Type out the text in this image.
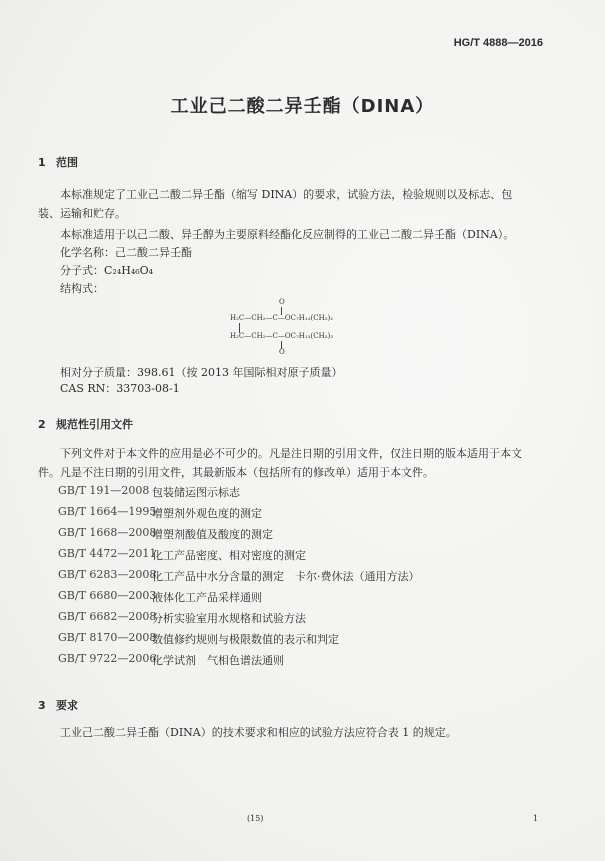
HG/T 4888—2016
工业己二酸二异壬酯（DINA）
1 范围
本标准规定了工业己二酸二异壬酯（缩写 DINA）的要求，试验方法，检验规则以及标志、包
装、运输和贮存。
本标准适用于以己二酸、异壬醇为主要原料经酯化反应制得的工业己二酸二异壬酯（DINA）。
化学名称：己二酸二异壬酯
分子式：C₂₄H₄₆O₄
结构式：
O
H₂C—CH₂—C—OC₇H₁₃(CH₃)₂
H₂C—CH₂—C—OC₇H₁₃(CH₃)₂
O
相对分子质量：398.61（按 2013 年国际相对原子质量）
CAS RN：33703-08-1
2 规范性引用文件
下列文件对于本文件的应用是必不可少的。凡是注日期的引用文件，仅注日期的版本适用于本文
件。凡是不注日期的引用文件，其最新版本（包括所有的修改单）适用于本文件。
GB/T 191—2008 包装储运图示标志
GB/T 1664—1995
增塑剂外观色度的测定
GB/T 1668—2008
增塑剂酸值及酸度的测定
GB/T 4472—2011
化工产品密度、相对密度的测定
GB/T 6283—2008
化工产品中水分含量的测定　卡尔·费休法（通用方法）
GB/T 6680—2003
液体化工产品采样通则
GB/T 6682—2008
分析实验室用水规格和试验方法
GB/T 8170—2008
数值修约规则与极限数值的表示和判定
GB/T 9722—2006
化学试剂　气相色谱法通则
3 要求
工业己二酸二异壬酯（DINA）的技术要求和相应的试验方法应符合表 1 的规定。
(15)	1
